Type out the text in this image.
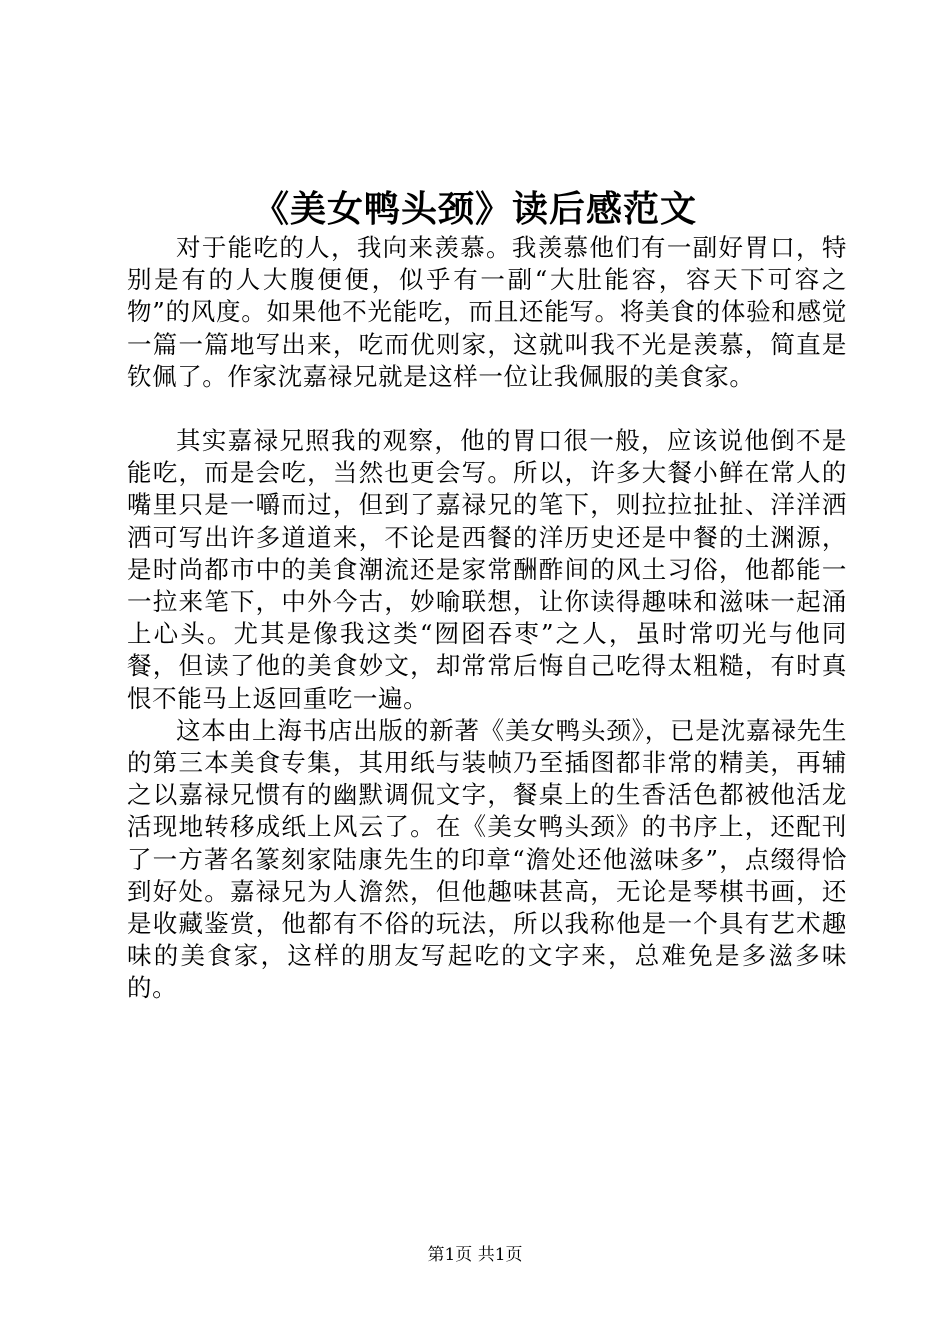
《美女鸭头颈》读后感范文

对于能吃的人，我向来羡慕。我羡慕他们有一副好胃口，特别是有的人大腹便便，似乎有一副“大肚能容，容天下可容之物”的风度。如果他不光能吃，而且还能写。将美食的体验和感觉一篇一篇地写出来，吃而优则家，这就叫我不光是羡慕，简直是钦佩了。作家沈嘉禄兄就是这样一位让我佩服的美食家。

其实嘉禄兄照我的观察，他的胃口很一般，应该说他倒不是能吃，而是会吃，当然也更会写。所以，许多大餐小鲜在常人的嘴里只是一嚼而过，但到了嘉禄兄的笔下，则拉拉扯扯、洋洋洒洒可写出许多道道来，不论是西餐的洋历史还是中餐的土渊源，是时尚都市中的美食潮流还是家常酬酢间的风土习俗，他都能一一拉来笔下，中外今古，妙喻联想，让你读得趣味和滋味一起涌上心头。尤其是像我这类“囫囵吞枣”之人，虽时常叨光与他同餐，但读了他的美食妙文，却常常后悔自己吃得太粗糙，有时真恨不能马上返回重吃一遍。

这本由上海书店出版的新著《美女鸭头颈》，已是沈嘉禄先生的第三本美食专集，其用纸与装帧乃至插图都非常的精美，再辅之以嘉禄兄惯有的幽默调侃文字，餐桌上的生香活色都被他活龙活现地转移成纸上风云了。在《美女鸭头颈》的书序上，还配刊了一方著名篆刻家陆康先生的印章“澹处还他滋味多”，点缀得恰到好处。嘉禄兄为人澹然，但他趣味甚高，无论是琴棋书画，还是收藏鉴赏，他都有不俗的玩法，所以我称他是一个具有艺术趣味的美食家，这样的朋友写起吃的文字来，总难免是多滋多味的。

第1页 共1页
